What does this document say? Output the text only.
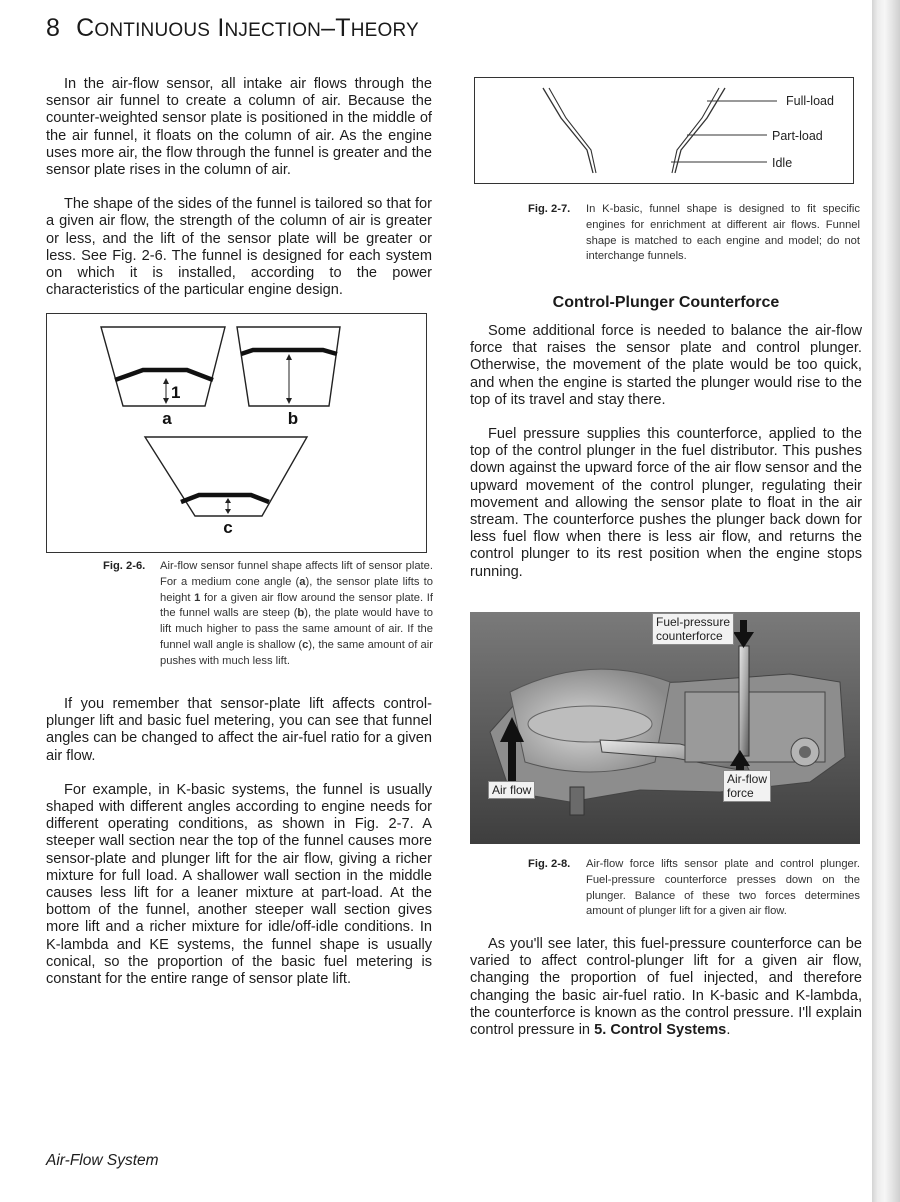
8 CONTINUOUS INJECTION–THEORY

In the air-flow sensor, all intake air flows through the sensor air funnel to create a column of air. Because the counter-weighted sensor plate is positioned in the middle of the air funnel, it floats on the column of air. As the engine uses more air, the flow through the funnel is greater and the sensor plate rises in the column of air.

The shape of the sides of the funnel is tailored so that for a given air flow, the strength of the column of air is greater or less, and the lift of the sensor plate will be greater or less. See Fig. 2-6. The funnel is designed for each system on which it is installed, according to the power characteristics of the particular engine design.

1
a	b
c
Fig. 2-6.	Air-flow sensor funnel shape affects lift of sensor plate. For a medium cone angle (a), the sensor plate lifts to height 1 for a given air flow around the sensor plate. If the funnel walls are steep (b), the plate would have to lift much higher to pass the same amount of air. If the funnel wall angle is shallow (c), the same amount of air pushes with much less lift.

If you remember that sensor-plate lift affects control-plunger lift and basic fuel metering, you can see that funnel angles can be changed to affect the air-fuel ratio for a given air flow.

For example, in K-basic systems, the funnel is usually shaped with different angles according to engine needs for different operating conditions, as shown in Fig. 2-7. A steeper wall section near the top of the funnel causes more sensor-plate and plunger lift for the air flow, giving a richer mixture for full load. A shallower wall section in the middle causes less lift for a leaner mixture at part-load. At the bottom of the funnel, another steeper wall section gives more lift and a richer mixture for idle/off-idle conditions. In K-lambda and KE systems, the funnel shape is usually conical, so the proportion of the basic fuel metering is constant for the entire range of sensor plate lift.

Full-load
Part-load
Idle
Fig. 2-7.	In K-basic, funnel shape is designed to fit specific engines for enrichment at different air flows. Funnel shape is matched to each engine and model; do not interchange funnels.
Control-Plunger Counterforce

Some additional force is needed to balance the air-flow force that raises the sensor plate and control plunger. Otherwise, the movement of the plate would be too quick, and when the engine is started the plunger would rise to the top of its travel and stay there.

Fuel pressure supplies this counterforce, applied to the top of the control plunger in the fuel distributor. This pushes down against the upward force of the air flow sensor and the upward movement of the control plunger, regulating their movement and allowing the sensor plate to float in the air stream. The counterforce pushes the plunger back down for less fuel flow when there is less air flow, and returns the control plunger to its rest position when the engine stops running.

Fuel-pressure
counterforce
Air flow
Air-flow
force
Fig. 2-8.	Air-flow force lifts sensor plate and control plunger. Fuel-pressure counterforce presses down on the plunger. Balance of these two forces determines amount of plunger lift for a given air flow.

As you'll see later, this fuel-pressure counterforce can be varied to affect control-plunger lift for a given air flow, changing the proportion of fuel injected, and therefore changing the basic air-fuel ratio. In K-basic and K-lambda, the counterforce is known as the control pressure. I'll explain control pressure in 5. Control Systems.

Air-Flow System
